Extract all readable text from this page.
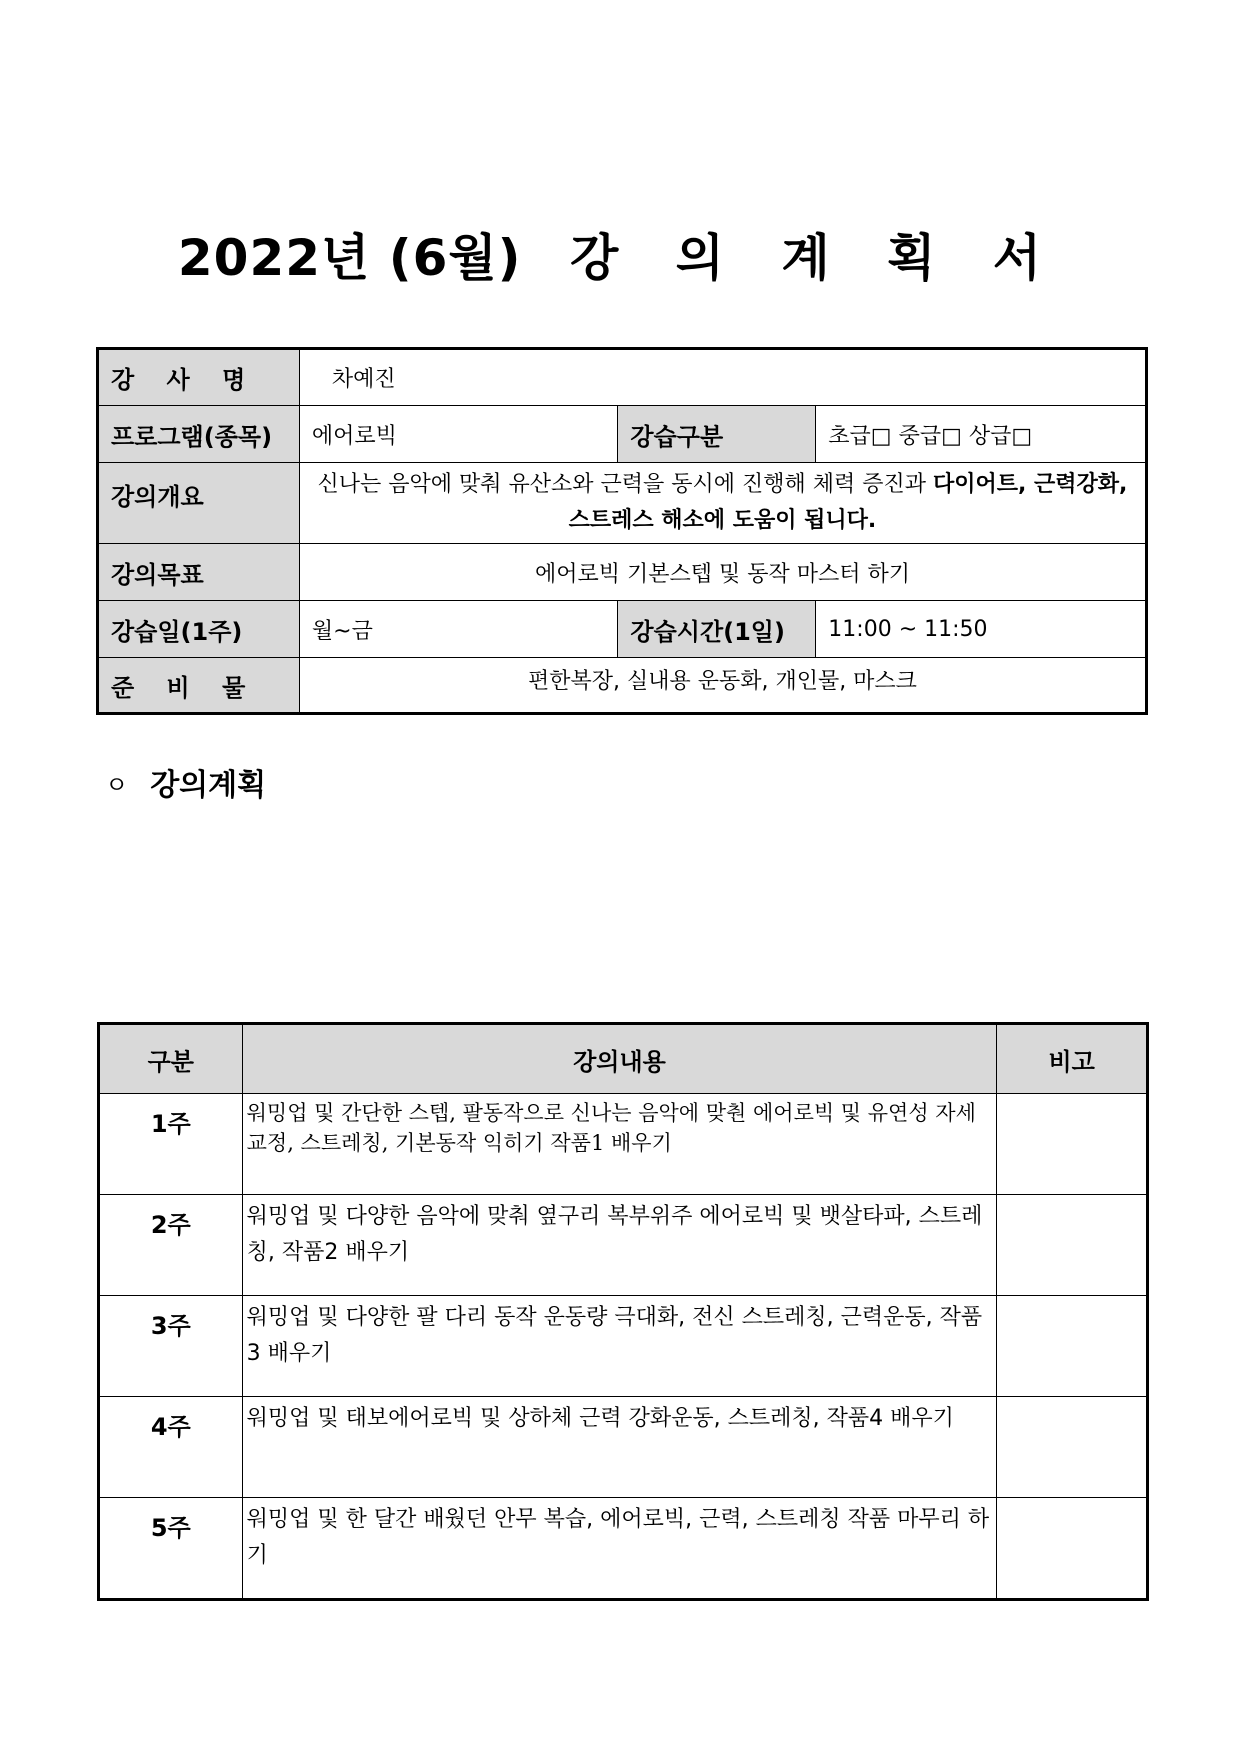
2022년 (6월) 강 의 계 획 서
강 사 명	차예진		
프로그램(종목)	에어로빅	강습구분	초급□ 중급□ 상급□
강의개요	신나는 음악에 맞춰 유산소와 근력을 동시에 진행해 체력 증진과 다이어트, 근력강화, 스트레스 해소에 도움이 됩니다.		
강의목표	에어로빅 기본스텝 및 동작 마스터 하기		
강습일(1주)	월~금	강습시간(1일)	11:00 ~ 11:50
준 비 물	편한복장, 실내용 운동화, 개인물, 마스크		
ㅇ 강의계획
구분	강의내용	비고
1주	워밍업 및 간단한 스텝, 팔동작으로 신나는 음악에 맞춴 에어로빅 및 유연성 자세교정, 스트레칭, 기본동작 익히기 작품1 배우기	
2주	워밍업 및 다양한 음악에 맞춰 옆구리 복부위주 에어로빅 및 뱃살타파, 스트레칭, 작품2 배우기	
3주	워밍업 및 다양한 팔 다리 동작 운동량 극대화, 전신 스트레칭, 근력운동, 작품3 배우기	
4주	워밍업 및 태보에어로빅 및 상하체 근력 강화운동, 스트레칭, 작품4 배우기	
5주	워밍업 및 한 달간 배웠던 안무 복습, 에어로빅, 근력, 스트레칭 작품 마무리 하기	
